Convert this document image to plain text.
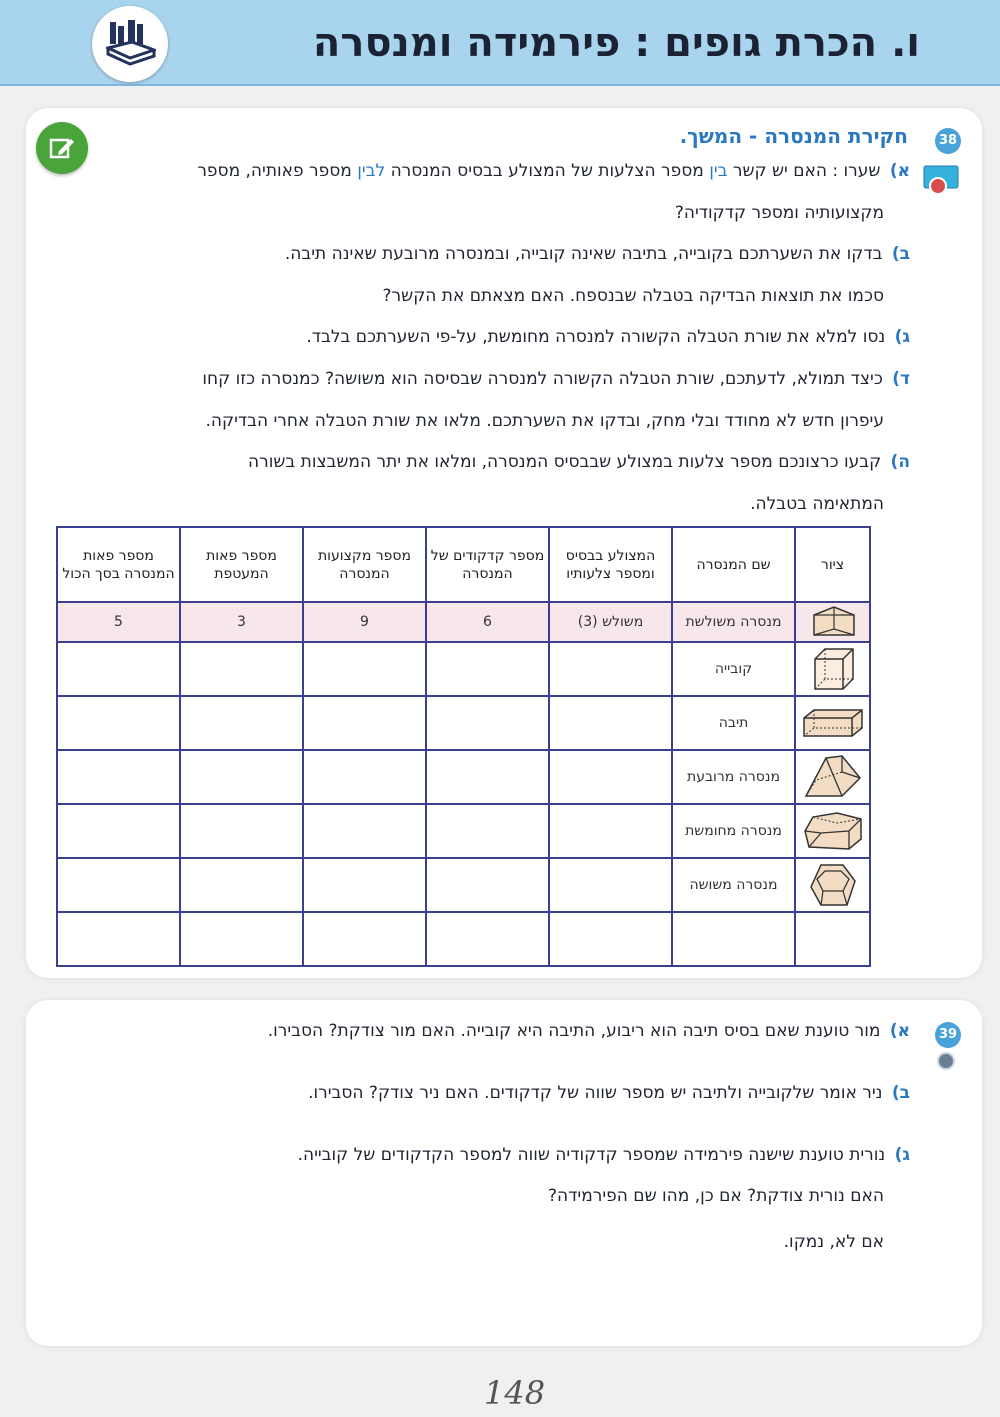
ו. הכרת גופים : פירמידה ומנסרה
38
חקירת המנסרה - המשך.
א) שערו : האם יש קשר בין מספר הצלעות של המצולע בבסיס המנסרה לבין מספר פאותיה, מספר
מקצועותיה ומספר קדקודיה?
ב) בדקו את השערתכם בקובייה, בתיבה שאינה קובייה, ובמנסרה מרובעת שאינה תיבה.
סכמו את תוצאות הבדיקה בטבלה שבנספח. האם מצאתם את הקשר?
ג) נסו למלא את שורת הטבלה הקשורה למנסרה מחומשת, על-פי השערתכם בלבד.
ד) כיצד תמולא, לדעתכם, שורת הטבלה הקשורה למנסרה שבסיסה הוא משושה? כמנסרה כזו קחו
עיפרון חדש לא מחודד ובלי מחק, ובדקו את השערתכם. מלאו את שורת הטבלה אחרי הבדיקה.
ה) קבעו כרצונכם מספר צלעות במצולע שבבסיס המנסרה, ומלאו את יתר המשבצות בשורה
המתאימה בטבלה.
ציור	שם המנסרה	המצולע בבסיס ומספר צלעותיו	מספר קדקודים של המנסרה	מספר מקצועות המנסרה	מספר פאות המעטפת	מספר פאות המנסרה בסך הכול

	מנסרה משולשת	משולש (3)	6	9	3	5

	קובייה					

	תיבה					

	מנסרה מרובעת					

	מנסרה מחומשת					

	מנסרה משושה					

39
א) מור טוענת שאם בסיס תיבה הוא ריבוע, התיבה היא קובייה. האם מור צודקת? הסבירו.
ב) ניר אומר שלקובייה ולתיבה יש מספר שווה של קדקודים. האם ניר צודק? הסבירו.
ג) נורית טוענת שישנה פירמידה שמספר קדקודיה שווה למספר הקדקודים של קובייה.
האם נורית צודקת? אם כן, מהו שם הפירמידה?
אם לא, נמקו.
148
